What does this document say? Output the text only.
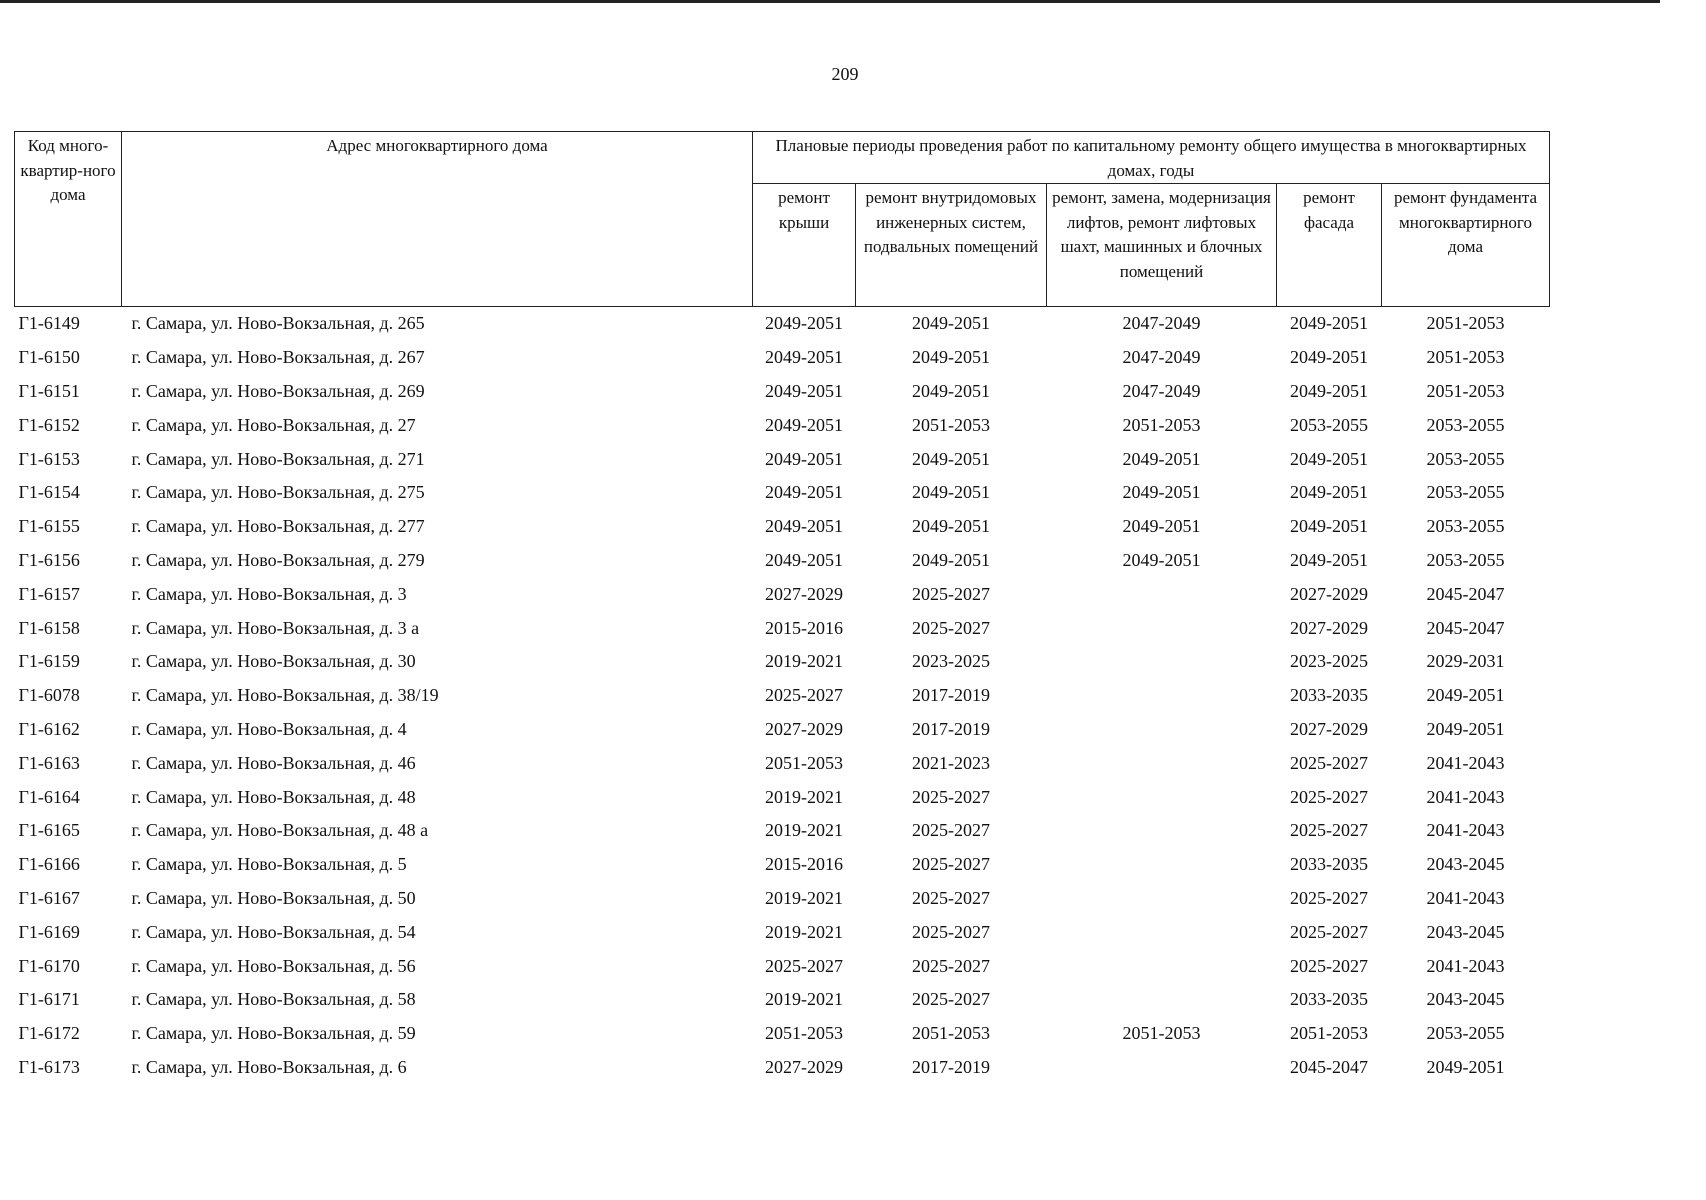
209
Код много-квартир-ного дома	Адрес многоквартирного дома	Плановые периоды проведения работ по капитальному ремонту общего имущества в многоквартирных домах, годы				
		ремонт крыши	ремонт внутридомовых инженерных систем, подвальных помещений	ремонт, замена, модернизация лифтов, ремонт лифтовых шахт, машинных и блочных помещений	ремонт фасада	ремонт фундамента многоквартирного дома
Г1-6149	г. Самара, ул. Ново-Вокзальная, д. 265	2049-2051	2049-2051	2047-2049	2049-2051	2051-2053
Г1-6150	г. Самара, ул. Ново-Вокзальная, д. 267	2049-2051	2049-2051	2047-2049	2049-2051	2051-2053
Г1-6151	г. Самара, ул. Ново-Вокзальная, д. 269	2049-2051	2049-2051	2047-2049	2049-2051	2051-2053
Г1-6152	г. Самара, ул. Ново-Вокзальная, д. 27	2049-2051	2051-2053	2051-2053	2053-2055	2053-2055
Г1-6153	г. Самара, ул. Ново-Вокзальная, д. 271	2049-2051	2049-2051	2049-2051	2049-2051	2053-2055
Г1-6154	г. Самара, ул. Ново-Вокзальная, д. 275	2049-2051	2049-2051	2049-2051	2049-2051	2053-2055
Г1-6155	г. Самара, ул. Ново-Вокзальная, д. 277	2049-2051	2049-2051	2049-2051	2049-2051	2053-2055
Г1-6156	г. Самара, ул. Ново-Вокзальная, д. 279	2049-2051	2049-2051	2049-2051	2049-2051	2053-2055
Г1-6157	г. Самара, ул. Ново-Вокзальная, д. 3	2027-2029	2025-2027		2027-2029	2045-2047
Г1-6158	г. Самара, ул. Ново-Вокзальная, д. 3 а	2015-2016	2025-2027		2027-2029	2045-2047
Г1-6159	г. Самара, ул. Ново-Вокзальная, д. 30	2019-2021	2023-2025		2023-2025	2029-2031
Г1-6078	г. Самара, ул. Ново-Вокзальная, д. 38/19	2025-2027	2017-2019		2033-2035	2049-2051
Г1-6162	г. Самара, ул. Ново-Вокзальная, д. 4	2027-2029	2017-2019		2027-2029	2049-2051
Г1-6163	г. Самара, ул. Ново-Вокзальная, д. 46	2051-2053	2021-2023		2025-2027	2041-2043
Г1-6164	г. Самара, ул. Ново-Вокзальная, д. 48	2019-2021	2025-2027		2025-2027	2041-2043
Г1-6165	г. Самара, ул. Ново-Вокзальная, д. 48 а	2019-2021	2025-2027		2025-2027	2041-2043
Г1-6166	г. Самара, ул. Ново-Вокзальная, д. 5	2015-2016	2025-2027		2033-2035	2043-2045
Г1-6167	г. Самара, ул. Ново-Вокзальная, д. 50	2019-2021	2025-2027		2025-2027	2041-2043
Г1-6169	г. Самара, ул. Ново-Вокзальная, д. 54	2019-2021	2025-2027		2025-2027	2043-2045
Г1-6170	г. Самара, ул. Ново-Вокзальная, д. 56	2025-2027	2025-2027		2025-2027	2041-2043
Г1-6171	г. Самара, ул. Ново-Вокзальная, д. 58	2019-2021	2025-2027		2033-2035	2043-2045
Г1-6172	г. Самара, ул. Ново-Вокзальная, д. 59	2051-2053	2051-2053	2051-2053	2051-2053	2053-2055
Г1-6173	г. Самара, ул. Ново-Вокзальная, д. 6	2027-2029	2017-2019		2045-2047	2049-2051
